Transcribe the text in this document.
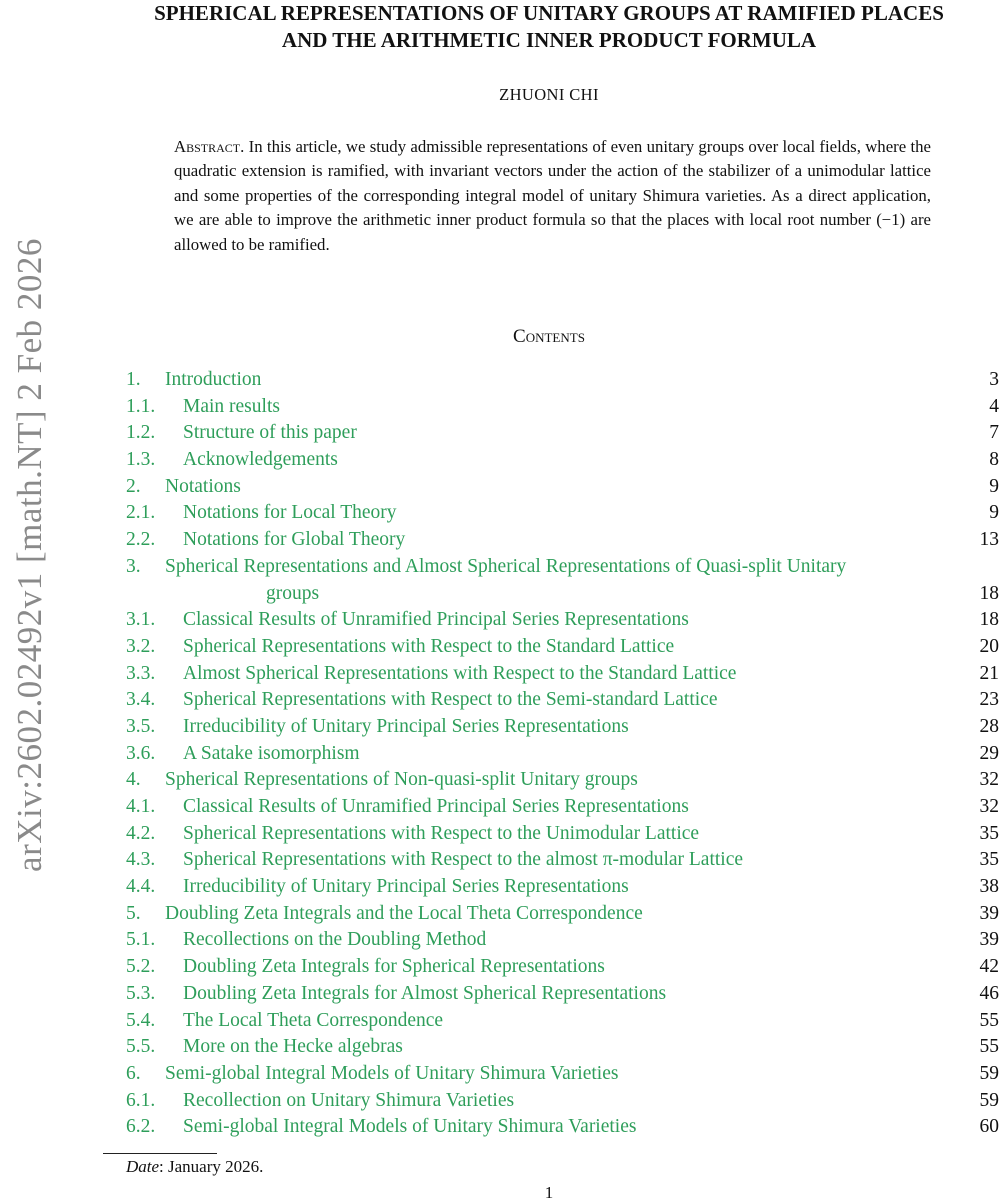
arXiv:2602.02492v1 [math.NT] 2 Feb 2026
SPHERICAL REPRESENTATIONS OF UNITARY GROUPS AT RAMIFIED PLACES
AND THE ARITHMETIC INNER PRODUCT FORMULA
ZHUONI CHI
Abstract. In this article, we study admissible representations of even unitary groups over local fields, where the quadratic extension is ramified, with invariant vectors under the action of the stabilizer of a unimodular lattice and some properties of the corresponding integral model of unitary Shimura varieties. As a direct application, we are able to improve the arithmetic inner product formula so that the places with local root number (−1) are allowed to be ramified.
Contents
1. Introduction	3
1.1. Main results	4
1.2. Structure of this paper	7
1.3. Acknowledgements	8
2. Notations	9
2.1. Notations for Local Theory	9
2.2. Notations for Global Theory	13
3. Spherical Representations and Almost Spherical Representations of Quasi-split Unitary
groups	18
3.1. Classical Results of Unramified Principal Series Representations	18
3.2. Spherical Representations with Respect to the Standard Lattice	20
3.3. Almost Spherical Representations with Respect to the Standard Lattice	21
3.4. Spherical Representations with Respect to the Semi-standard Lattice	23
3.5. Irreducibility of Unitary Principal Series Representations	28
3.6. A Satake isomorphism	29
4. Spherical Representations of Non-quasi-split Unitary groups	32
4.1. Classical Results of Unramified Principal Series Representations	32
4.2. Spherical Representations with Respect to the Unimodular Lattice	35
4.3. Spherical Representations with Respect to the almost π-modular Lattice	35
4.4. Irreducibility of Unitary Principal Series Representations	38
5. Doubling Zeta Integrals and the Local Theta Correspondence	39
5.1. Recollections on the Doubling Method	39
5.2. Doubling Zeta Integrals for Spherical Representations	42
5.3. Doubling Zeta Integrals for Almost Spherical Representations	46
5.4. The Local Theta Correspondence	55
5.5. More on the Hecke algebras	55
6. Semi-global Integral Models of Unitary Shimura Varieties	59
6.1. Recollection on Unitary Shimura Varieties	59
6.2. Semi-global Integral Models of Unitary Shimura Varieties	60
Date: January 2026.
1
